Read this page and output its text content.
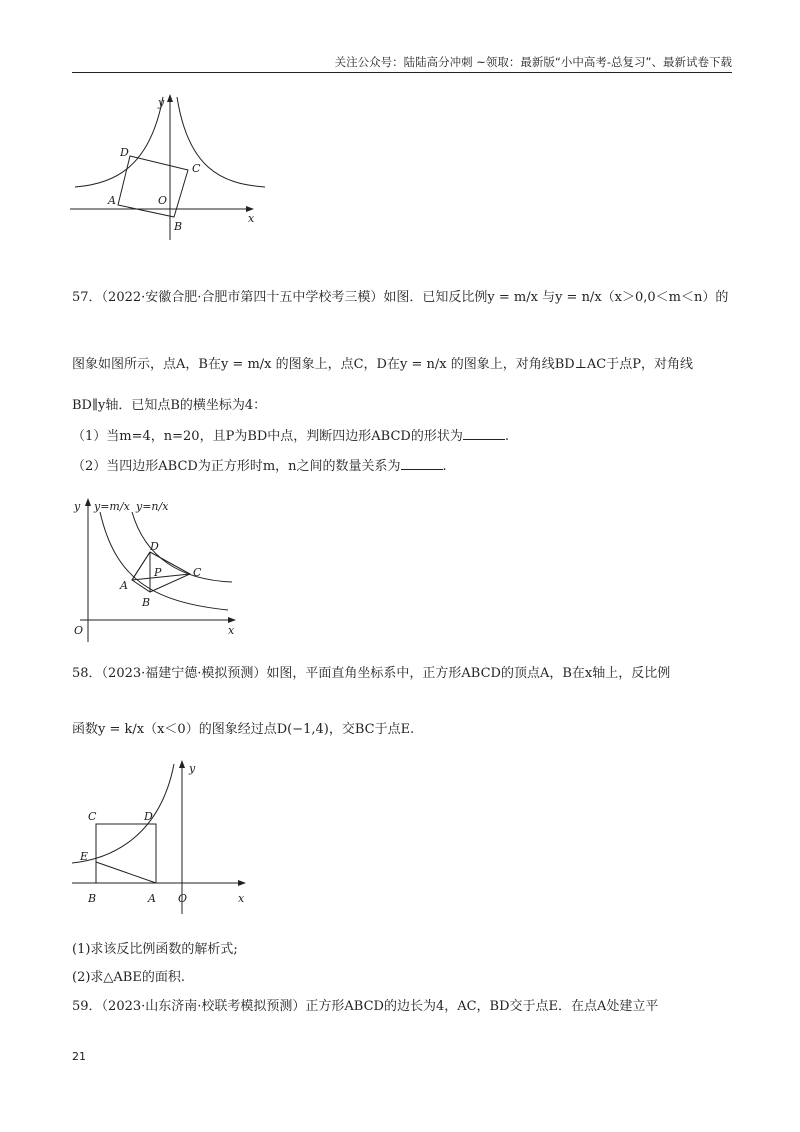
关注公众号：陆陆高分冲刺 ~领取：最新版“小中高考-总复习”、最新试卷下载
y
x
D
C
A	O
B
57．（2022·安徽合肥·合肥市第四十五中学校考三模）如图．已知反比例y = m/x 与y = n/x（x＞0,0＜m＜n）的
图象如图所示，点A，B在y = m/x 的图象上，点C，D在y = n/x 的图象上，对角线BD⊥AC于点P，对角线
BD∥y轴．已知点B的横坐标为4：
（1）当m=4，n=20，且P为BD中点，判断四边形ABCD的形状为	.
（2）当四边形ABCD为正方形时m，n之间的数量关系为	.
y y=m/x y=n/x
x
O
D
C
P
A
B
58．（2023·福建宁德·模拟预测）如图，平面直角坐标系中，正方形ABCD的顶点A，B在x轴上，反比例
函数y = k/x（x＜0）的图象经过点D(−1,4)，交BC于点E.
y
x
C	D
E
B	A O
(1)求该反比例函数的解析式;
(2)求△ABE的面积.
59．（2023·山东济南·校联考模拟预测）正方形ABCD的边长为4，AC，BD交于点E．在点A处建立平
21
